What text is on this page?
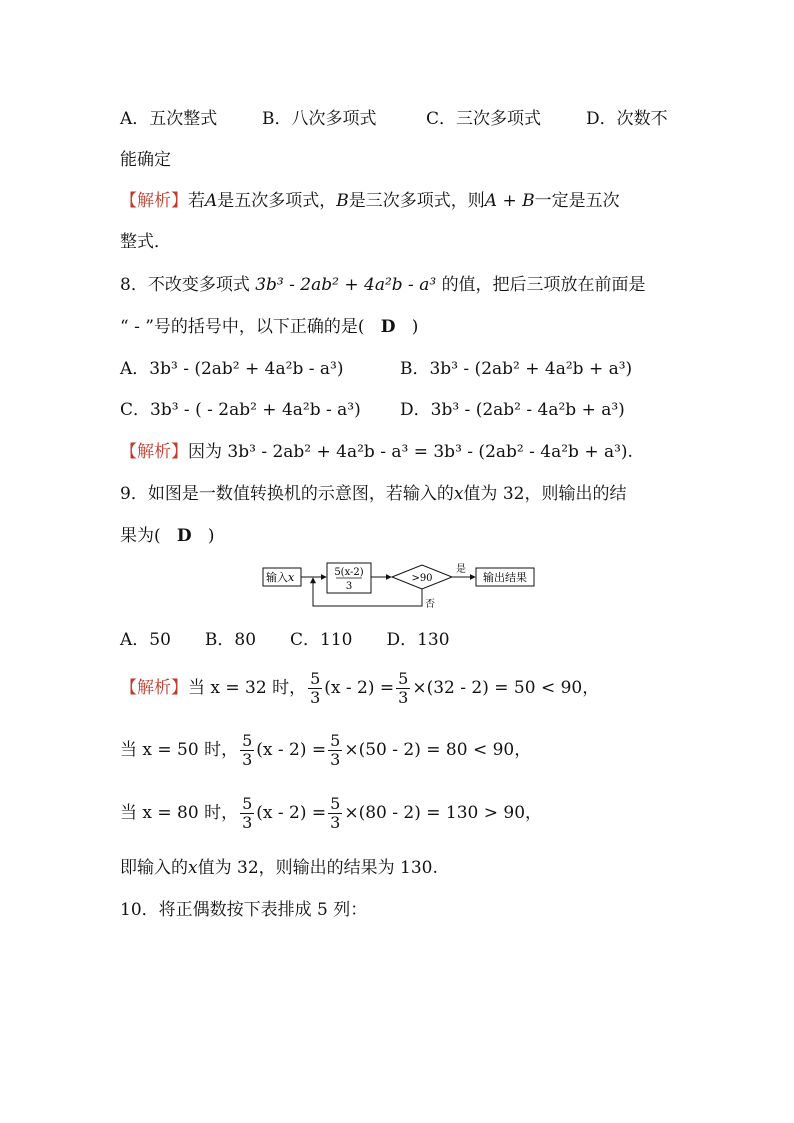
A．五次整式	B．八次多项式	C．三次多项式	D．次数不
能确定
【解析】若A是五次多项式，B是三次多项式，则A + B一定是五次
整式．
8．不改变多项式 3b³ - 2ab² + 4a²b - a³ 的值，把后三项放在前面是
“ - ”号的括号中，以下正确的是( D )
A．3b³ - (2ab² + 4a²b - a³)	B．3b³ - (2ab² + 4a²b + a³)
C．3b³ - ( - 2ab² + 4a²b - a³) D．3b³ - (2ab² - 4a²b + a³)
【解析】因为 3b³ - 2ab² + 4a²b - a³ = 3b³ - (2ab² - 4a²b + a³).
9．如图是一数值转换机的示意图，若输入的x值为 32，则输出的结
果为( D )
输入x	5(x-2)
3
>90
是
输出结果
否
A．50　　B．80　　C．110　　D．130
【解析】当 x = 32 时， $\frac{5}{3} (x - 2) = \frac{5}{3} \times(32 - 2) = 50 < 90$，
当 x = 50 时， $\frac{5}{3} (x - 2) = \frac{5}{3} \times(50 - 2) = 80 < 90$，
当 x = 80 时， $\frac{5}{3} (x - 2) = \frac{5}{3} \times(80 - 2) = 130 > 90$，
即输入的x值为 32，则输出的结果为 130.
10．将正偶数按下表排成 5 列：
